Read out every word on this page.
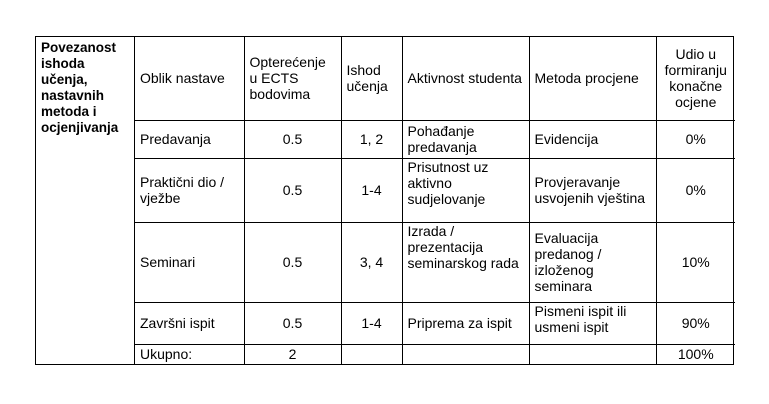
Povezanost ishoda učenja, nastavnih metoda i ocjenjivanja	
Oblik nastave	Opterećenje u ECTS bodovima	Ishod učenja	Aktivnost studenta	Metoda procjene	Udio u formiranju konačne ocjene
Predavanja	0.5	1, 2	Pohađanje predavanja	Evidencija	0%
Praktični dio / vježbe	0.5	1-4	Prisutnost uz aktivno sudjelovanje	Provjeravanje usvojenih vještina	0%
Seminari	0.5	3, 4	Izrada / prezentacija seminarskog rada	Evaluacija predanog / izloženog seminara	10%
Završni ispit	0.5	1-4	Priprema za ispit	Pismeni ispit ili usmeni ispit	90%
Ukupno:	2				100%
